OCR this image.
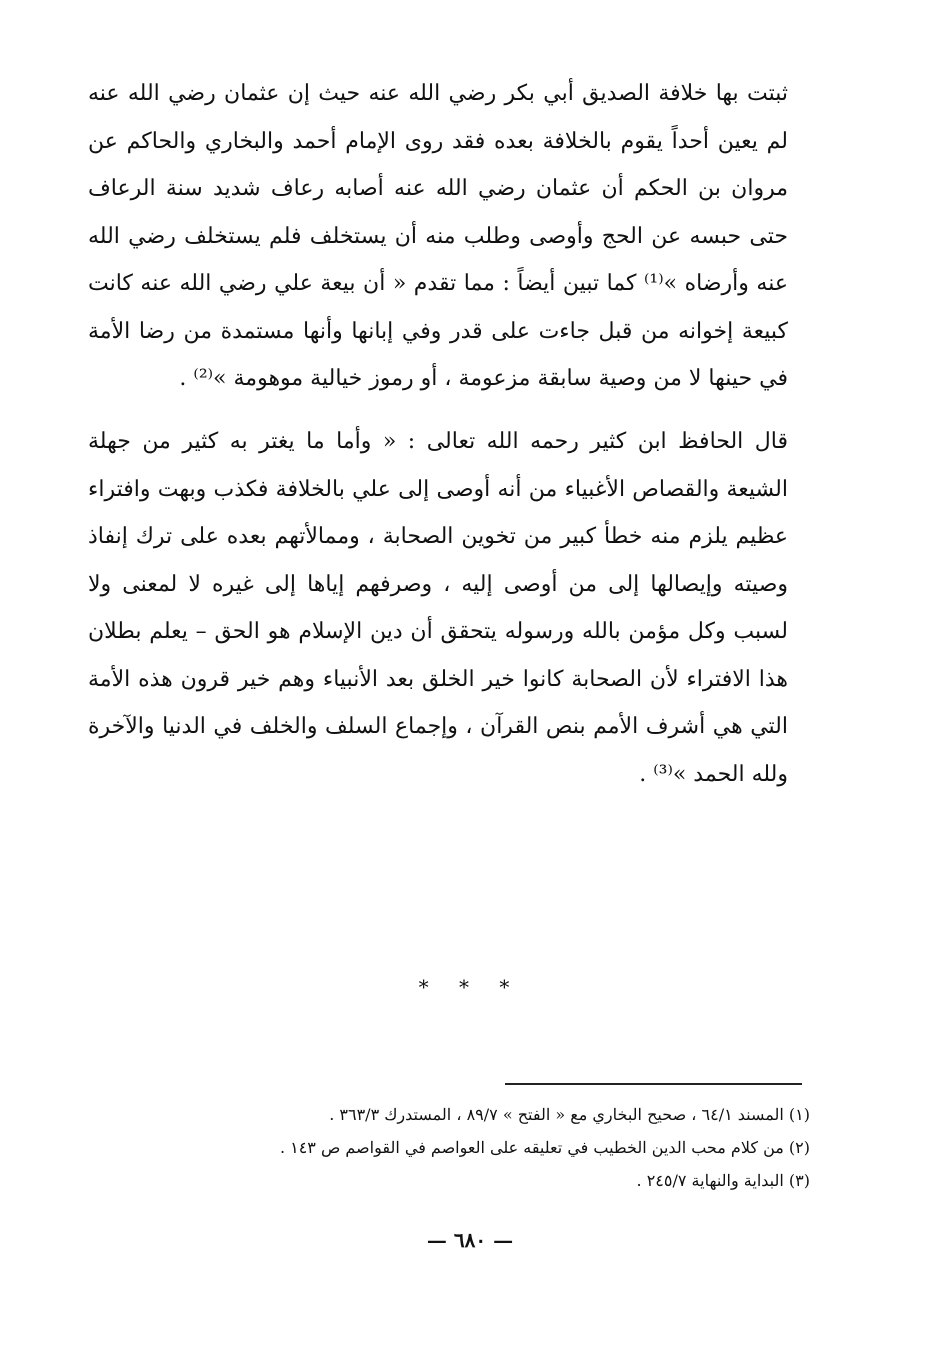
ثبتت بها خلافة الصديق أبي بكر رضي الله عنه حيث إن عثمان رضي الله عنه لم يعين أحداً يقوم بالخلافة بعده فقد روى الإمام أحمد والبخاري والحاكم عن مروان بن الحكم أن عثمان رضي الله عنه أصابه رعاف شديد سنة الرعاف حتى حبسه عن الحج وأوصى وطلب منه أن يستخلف فلم يستخلف رضي الله عنه وأرضاه »⁽¹⁾ كما تبين أيضاً : مما تقدم « أن بيعة علي رضي الله عنه كانت كبيعة إخوانه من قبل جاءت على قدر وفي إبانها وأنها مستمدة من رضا الأمة في حينها لا من وصية سابقة مزعومة ، أو رموز خيالية موهومة »⁽²⁾ .

قال الحافظ ابن كثير رحمه الله تعالى : « وأما ما يغتر به كثير من جهلة الشيعة والقصاص الأغبياء من أنه أوصى إلى علي بالخلافة فكذب وبهت وافتراء عظيم يلزم منه خطأ كبير من تخوين الصحابة ، وممالأتهم بعده على ترك إنفاذ وصيته وإيصالها إلى من أوصى إليه ، وصرفهم إياها إلى غيره لا لمعنى ولا لسبب وكل مؤمن بالله ورسوله يتحقق أن دين الإسلام هو الحق – يعلم بطلان هذا الافتراء لأن الصحابة كانوا خير الخلق بعد الأنبياء وهم خير قرون هذه الأمة التي هي أشرف الأمم بنص القرآن ، وإجماع السلف والخلف في الدنيا والآخرة ولله الحمد »⁽³⁾ .

* * *

(١) المسند ٦٤/١ ، صحيح البخاري مع « الفتح » ٨٩/٧ ، المستدرك ٣٦٣/٣ .
(٢) من كلام محب الدين الخطيب في تعليقه على العواصم في القواصم ص ١٤٣ .
(٣) البداية والنهاية ٢٤٥/٧ .

— ٦٨٠ —
